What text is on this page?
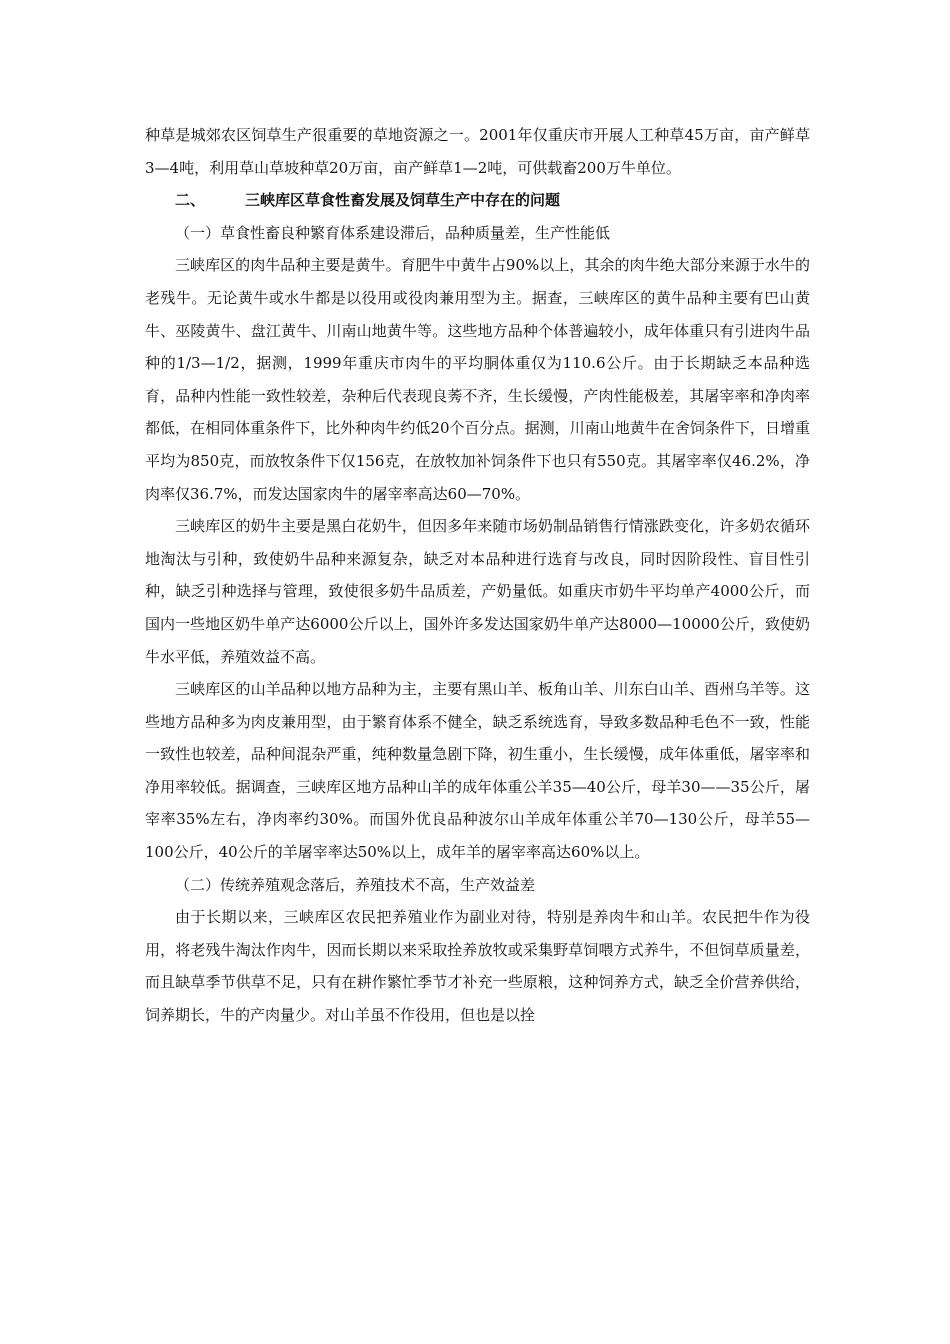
种草是城郊农区饲草生产很重要的草地资源之一。2001年仅重庆市开展人工种草45万亩，亩产鲜草3—4吨，利用草山草坡种草20万亩，亩产鲜草1—2吨，可供载畜200万牛单位。

二、	三峡库区草食性畜发展及饲草生产中存在的问题

（一）草食性畜良种繁育体系建设滞后，品种质量差，生产性能低

三峡库区的肉牛品种主要是黄牛。育肥牛中黄牛占90%以上，其余的肉牛绝大部分来源于水牛的老残牛。无论黄牛或水牛都是以役用或役肉兼用型为主。据查，三峡库区的黄牛品种主要有巴山黄牛、巫陵黄牛、盘江黄牛、川南山地黄牛等。这些地方品种个体普遍较小，成年体重只有引进肉牛品种的1/3—1/2，据测，1999年重庆市肉牛的平均胴体重仅为110.6公斤。由于长期缺乏本品种选育，品种内性能一致性较差，杂种后代表现良莠不齐，生长缓慢，产肉性能极差，其屠宰率和净肉率都低，在相同体重条件下，比外种肉牛约低20个百分点。据测，川南山地黄牛在舍饲条件下，日增重平均为850克，而放牧条件下仅156克，在放牧加补饲条件下也只有550克。其屠宰率仅46.2%，净肉率仅36.7%，而发达国家肉牛的屠宰率高达60—70%。

三峡库区的奶牛主要是黑白花奶牛，但因多年来随市场奶制品销售行情涨跌变化，许多奶农循环地淘汰与引种，致使奶牛品种来源复杂，缺乏对本品种进行选育与改良，同时因阶段性、盲目性引种，缺乏引种选择与管理，致使很多奶牛品质差，产奶量低。如重庆市奶牛平均单产4000公斤，而国内一些地区奶牛单产达6000公斤以上，国外许多发达国家奶牛单产达8000—10000公斤，致使奶牛水平低，养殖效益不高。

三峡库区的山羊品种以地方品种为主，主要有黑山羊、板角山羊、川东白山羊、酉州乌羊等。这些地方品种多为肉皮兼用型，由于繁育体系不健全，缺乏系统选育，导致多数品种毛色不一致，性能一致性也较差，品种间混杂严重，纯种数量急剧下降，初生重小，生长缓慢，成年体重低，屠宰率和净用率较低。据调查，三峡库区地方品种山羊的成年体重公羊35—40公斤，母羊30——35公斤，屠宰率35%左右，净肉率约30%。而国外优良品种波尔山羊成年体重公羊70—130公斤，母羊55—100公斤，40公斤的羊屠宰率达50%以上，成年羊的屠宰率高达60%以上。

（二）传统养殖观念落后，养殖技术不高，生产效益差

由于长期以来，三峡库区农民把养殖业作为副业对待，特别是养肉牛和山羊。农民把牛作为役用，将老残牛淘汰作肉牛，因而长期以来采取拴养放牧或采集野草饲喂方式养牛，不但饲草质量差，而且缺草季节供草不足，只有在耕作繁忙季节才补充一些原粮，这种饲养方式，缺乏全价营养供给，饲养期长，牛的产肉量少。对山羊虽不作役用，但也是以拴
